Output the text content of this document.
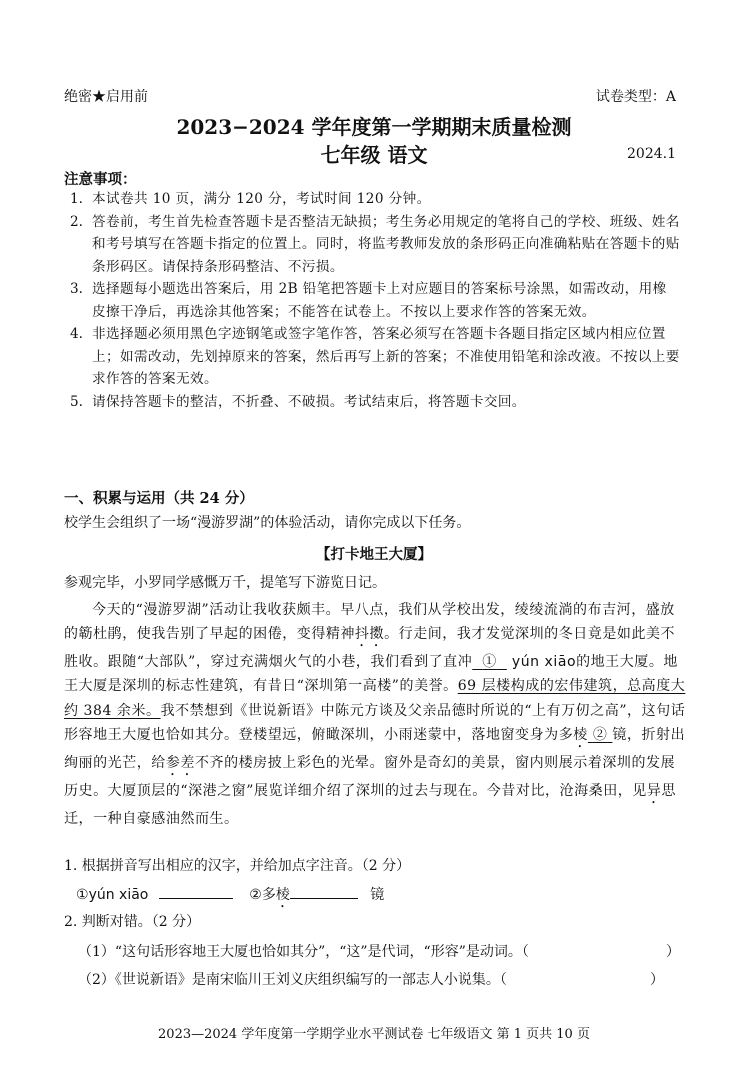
绝密★启用前	试卷类型：A
2023−2024 学年度第一学期期末质量检测
七年级 语文	2024.1
注意事项：
1. 本试卷共 10 页，满分 120 分，考试时间 120 分钟。
2. 答卷前，考生首先检查答题卡是否整洁无缺损；考生务必用规定的笔将自己的学校、班级、姓名和考号填写在答题卡指定的位置上。同时，将监考教师发放的条形码正向准确粘贴在答题卡的贴条形码区。请保持条形码整洁、不污损。
3. 选择题每小题选出答案后，用 2B 铅笔把答题卡上对应题目的答案标号涂黑，如需改动，用橡皮擦干净后，再选涂其他答案；不能答在试卷上。不按以上要求作答的答案无效。
4. 非选择题必须用黑色字迹钢笔或签字笔作答，答案必须写在答题卡各题目指定区域内相应位置上；如需改动，先划掉原来的答案，然后再写上新的答案；不准使用铅笔和涂改液。不按以上要求作答的答案无效。
5. 请保持答题卡的整洁，不折叠、不破损。考试结束后，将答题卡交回。
一、积累与运用（共 24 分）
校学生会组织了一场“漫游罗湖”的体验活动，请你完成以下任务。
【打卡地王大厦】
参观完毕，小罗同学感慨万千，提笔写下游览日记。
今天的“漫游罗湖”活动让我收获颇丰。早八点，我们从学校出发，绫绫流淌的布吉河，盛放的簕杜鹃，使我告别了早起的困倦，变得精神抖擞。行走间，我才发觉深圳的冬日竟是如此美不胜收。跟随“大部队”，穿过充满烟火气的小巷，我们看到了直冲 ① yún xiāo的地王大厦。地王大厦是深圳的标志性建筑，有昔日“深圳第一高楼”的美誉。69 层楼构成的宏伟建筑，总高度大约 384 余米。我不禁想到《世说新语》中陈元方谈及父亲品德时所说的“上有万仞之高”，这句话形容地王大厦也恰如其分。登楼望远，俯瞰深圳，小雨迷蒙中，落地窗变身为多棱 ② 镜，折射出绚丽的光芒，给参差不齐的楼房披上彩色的光晕。窗外是奇幻的美景，窗内则展示着深圳的发展历史。大厦顶层的“深港之窗”展览详细介绍了深圳的过去与现在。今昔对比，沧海桑田，见异思迁，一种自豪感油然而生。
1. 根据拼音写出相应的汉字，并给加点字注音。（2 分）
①yún xiāo	②多棱	镜
2. 判断对错。（2 分）
（1）“这句话形容地王大厦也恰如其分”，“这”是代词，“形容”是动词。（	）
（2）《世说新语》是南宋临川王刘义庆组织编写的一部志人小说集。（	）
2023—2024 学年度第一学期学业水平测试卷 七年级语文 第 1 页共 10 页
